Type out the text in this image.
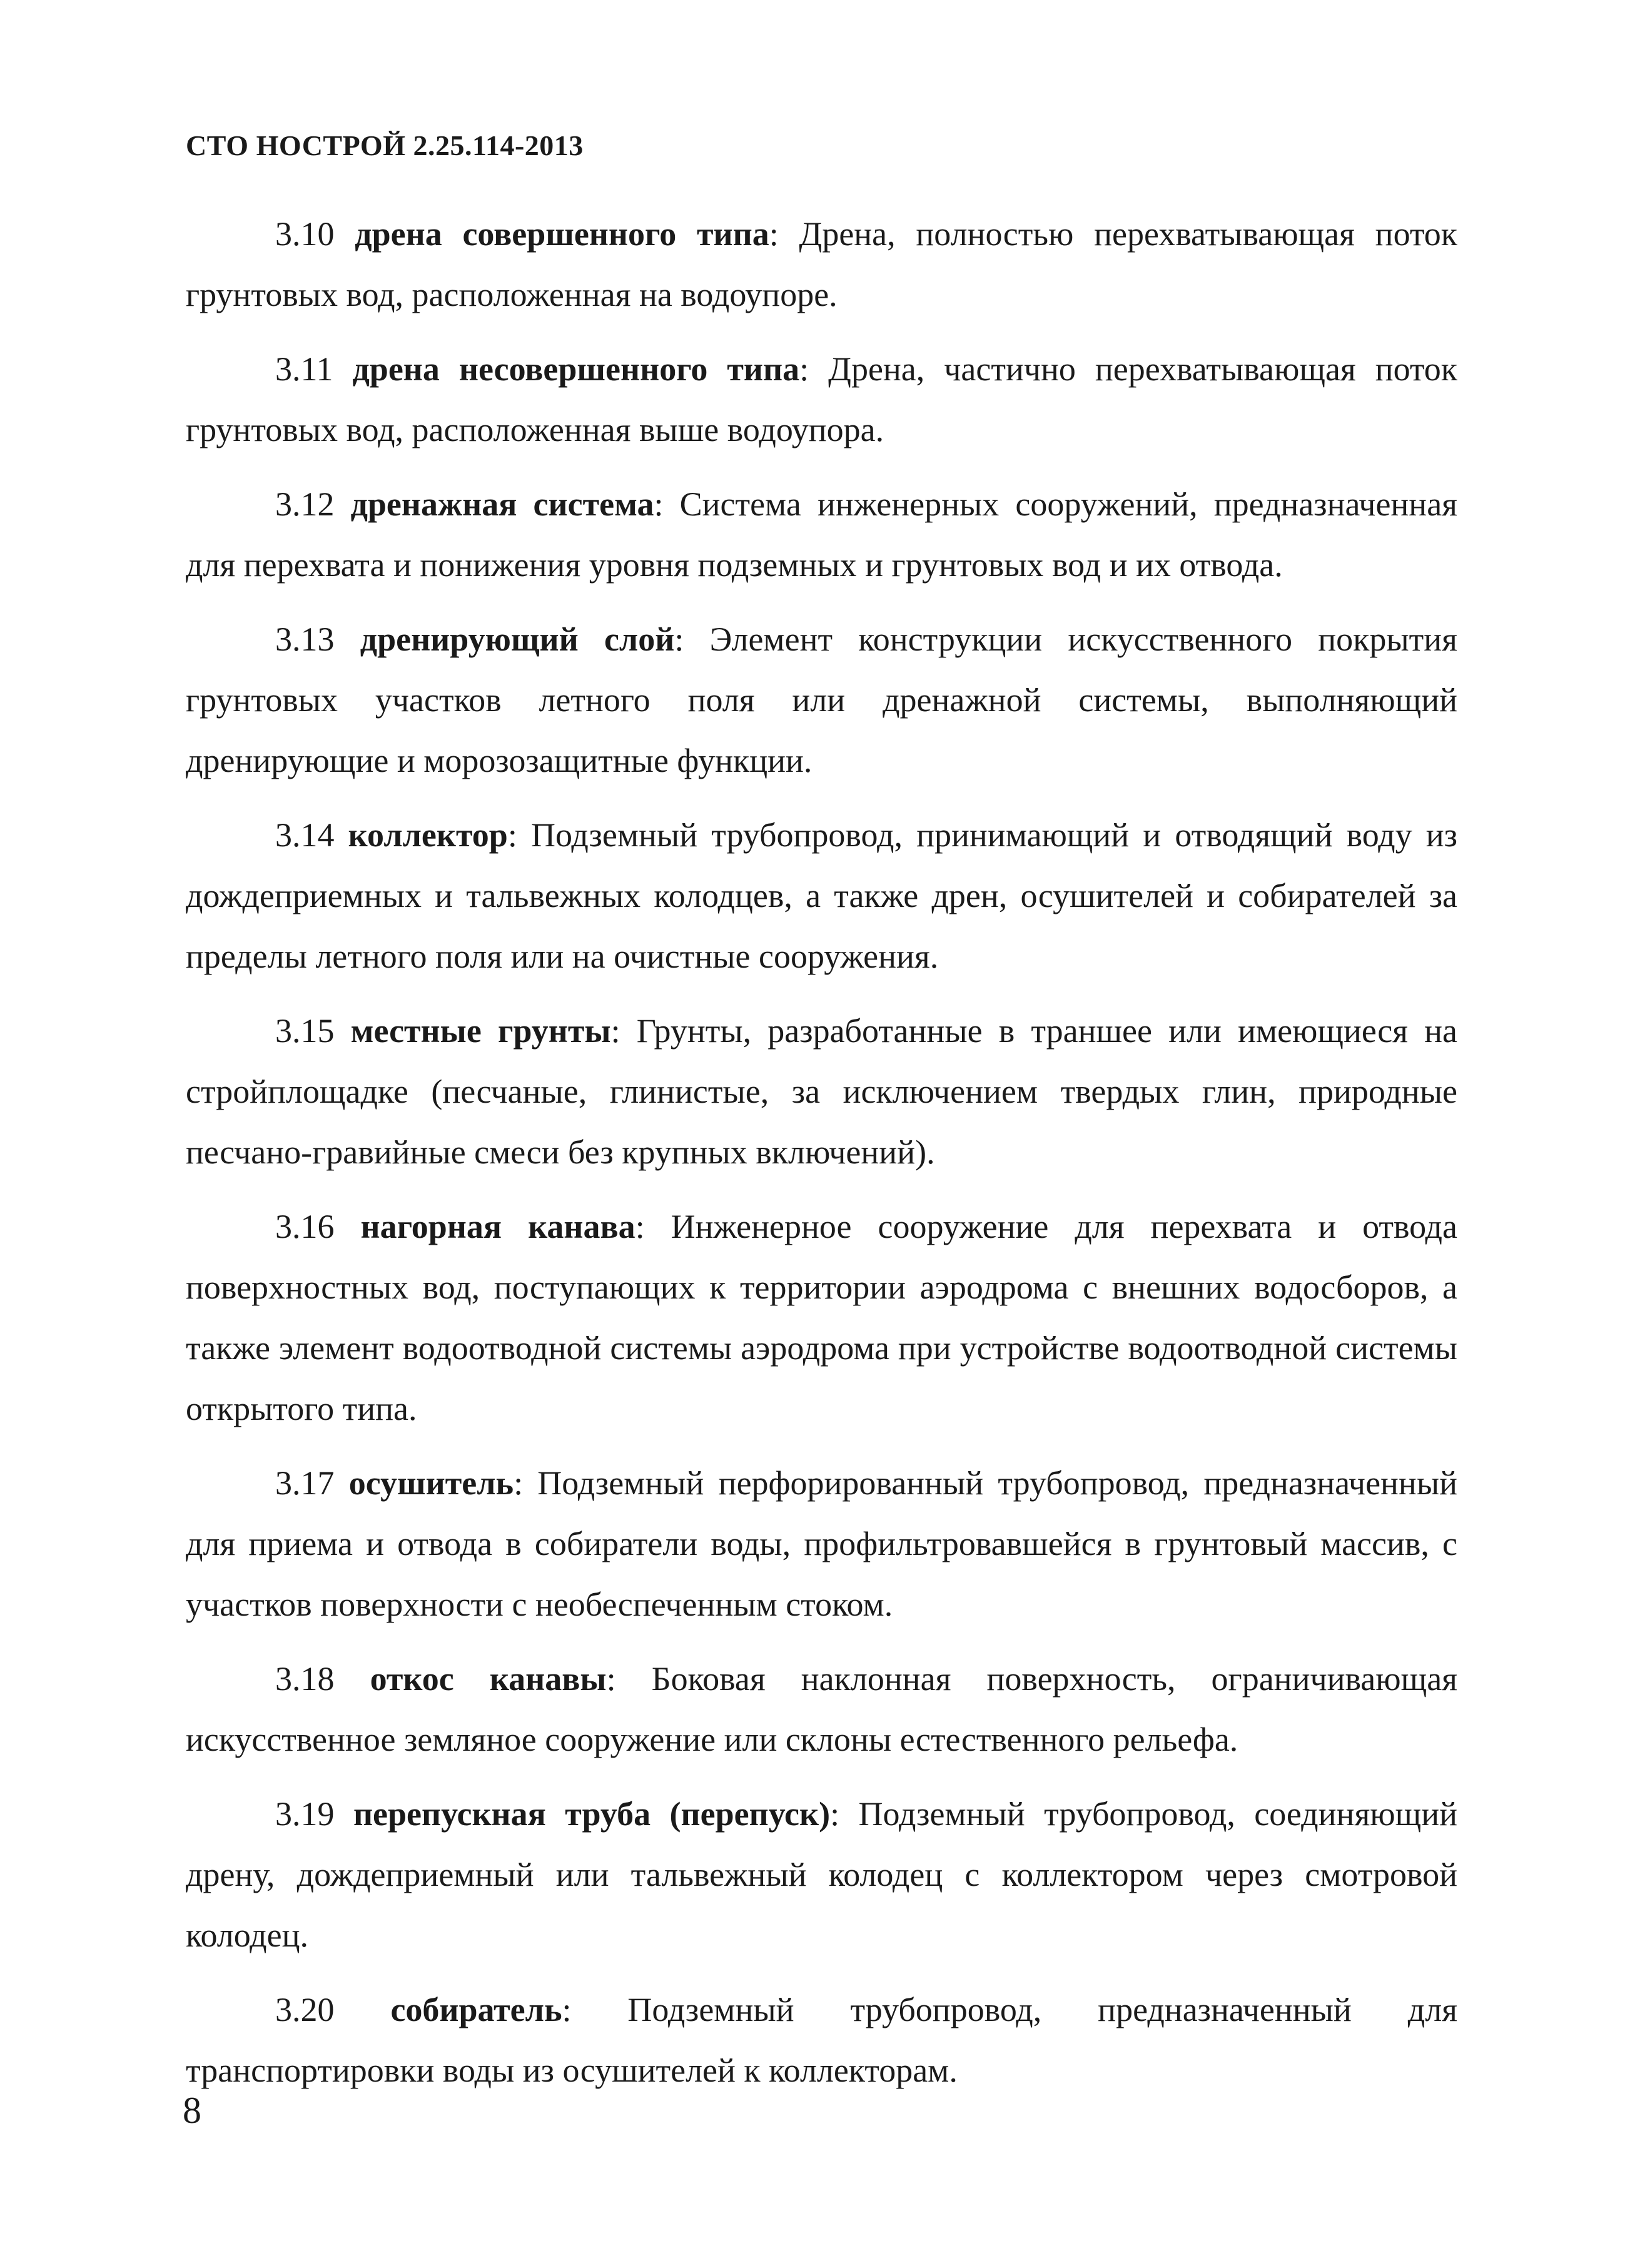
СТО НОСТРОЙ 2.25.114-2013

3.10 дрена совершенного типа: Дрена, полностью перехватывающая поток грунтовых вод, расположенная на водоупоре.

3.11 дрена несовершенного типа: Дрена, частично перехватывающая поток грунтовых вод, расположенная выше водоупора.

3.12 дренажная система: Система инженерных сооружений, предназначенная для перехвата и понижения уровня подземных и грунтовых вод и их отвода.

3.13 дренирующий слой: Элемент конструкции искусственного покрытия грунтовых участков летного поля или дренажной системы, выполняющий дренирующие и морозозащитные функции.

3.14 коллектор: Подземный трубопровод, принимающий и отводящий воду из дождеприемных и тальвежных колодцев, а также дрен, осушителей и собирателей за пределы летного поля или на очистные сооружения.

3.15 местные грунты: Грунты, разработанные в траншее или имеющиеся на стройплощадке (песчаные, глинистые, за исключением твердых глин, природные песчано-гравийные смеси без крупных включений).

3.16 нагорная канава: Инженерное сооружение для перехвата и отвода поверхностных вод, поступающих к территории аэродрома с внешних водосборов, а также элемент водоотводной системы аэродрома при устройстве водоотводной системы открытого типа.

3.17 осушитель: Подземный перфорированный трубопровод, предназначенный для приема и отвода в собиратели воды, профильтровавшейся в грунтовый массив, с участков поверхности с необеспеченным стоком.

3.18 откос канавы: Боковая наклонная поверхность, ограничивающая искусственное земляное сооружение или склоны естественного рельефа.

3.19 перепускная труба (перепуск): Подземный трубопровод, соединяющий дрену, дождеприемный или тальвежный колодец с коллектором через смотровой колодец.

3.20 собиратель: Подземный трубопровод, предназначенный для транспортировки воды из осушителей к коллекторам.

8
